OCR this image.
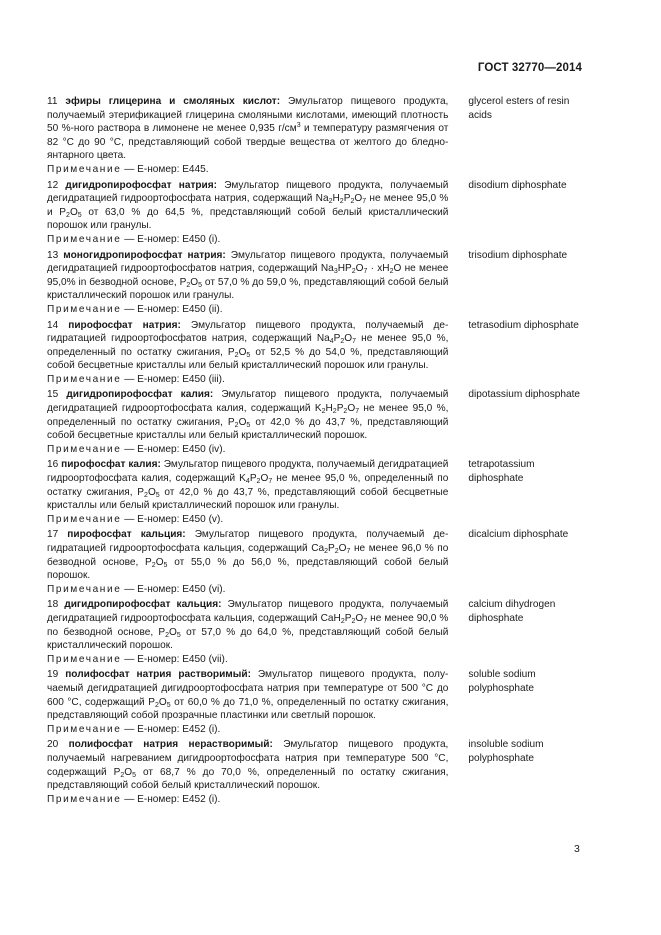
ГОСТ 32770—2014
11 эфиры глицерина и смоляных кислот: Эмульгатор пищевого продукта, получаемый этерификацией глицерина смоляными кислотами, имеющий плотность 50 %-ного раствора в лимонене не менее 0,935 $г/см^3$ и температуру размягчения от 82 °С до 90 °С, представляющий собой твердые вещества от желтого до бледно-янтарного цвета.
Примечание — Е-номер: Е445.
glycerol esters of resin acids
12 дигидропирофосфат натрия: Эмульгатор пищевого продукта, получаемый дегидратацией гидроортофосфата натрия, содержащий $Na_2H_2P_2O_7$ не менее 95,0 % и $P_2O_5$ от 63,0 % до 64,5 %, представляющий собой белый кристаллический порошок или гранулы.
Примечание — Е-номер: Е450 (i).
disodium diphosphate
13 моногидропирофосфат натрия: Эмульгатор пищевого продукта, получаемый дегидратацией гидроортофосфатов натрия, содержащий $Na_3HP_2O_7 \cdot xH_2O$ не менее 95,0% in безводной основе, $P_2O_5$ от 57,0 % до 59,0 %, представляющий собой белый кристаллический порошок или гранулы.
Примечание — Е-номер: Е450 (ii).
trisodium diphosphate
14 пирофосфат натрия: Эмульгатор пищевого продукта, получаемый дегидратацией гидроортофосфатов натрия, содержащий $Na_4P_2O_7$ не менее 95,0 %, определенный по остатку сжигания, $P_2O_5$ от 52,5 % до 54,0 %, представляющий собой бесцветные кристаллы или белый кристаллический порошок или гранулы.
Примечание — Е-номер: Е450 (iii).
tetrasodium diphosphate
15 дигидропирофосфат калия: Эмульгатор пищевого продукта, получаемый дегидратацией гидроортофосфата калия, содержащий $K_2H_2P_2O_7$ не менее 95,0 %, определенный по остатку сжигания, $P_2O_5$ от 42,0 % до 43,7 %, представляющий собой бесцветные кристаллы или белый кристаллический порошок.
Примечание — Е-номер: Е450 (iv).
dipotassium diphosphate
16 пирофосфат калия: Эмульгатор пищевого продукта, получаемый дегидратацией гидроортофосфата калия, содержащий $K_4P_2O_7$ не менее 95,0 %, определенный по остатку сжигания, $P_2O_5$ от 42,0 % до 43,7 %, представляющий собой бесцветные кристаллы или белый кристаллический порошок или гранулы.
Примечание — Е-номер: Е450 (v).
tetrapotassium diphosphate
17 пирофосфат кальция: Эмульгатор пищевого продукта, получаемый дегидратацией гидроортофосфата кальция, содержащий $Ca_2P_2O_7$ не менее 96,0 % по безводной основе, $P_2O_5$ от 55,0 % до 56,0 %, представляющий собой белый порошок.
Примечание — Е-номер: Е450 (vi).
dicalcium diphosphate
18 дигидропирофосфат кальция: Эмульгатор пищевого продукта, получаемый дегидратацией гидроортофосфата кальция, содержащий $CaH_2P_2O_7$ не менее 90,0 % по безводной основе, $P_2O_5$ от 57,0 % до 64,0 %, представляющий собой белый кристаллический порошок.
Примечание — Е-номер: Е450 (vii).
calcium dihydrogen diphosphate
19 полифосфат натрия растворимый: Эмульгатор пищевого продукта, получаемый дегидратацией дигидроортофосфата натрия при температуре от 500 °С до 600 °С, содержащий $P_2O_5$ от 60,0 % до 71,0 %, определенный по остатку сжигания, представляющий собой прозрачные пластинки или светлый порошок.
Примечание — Е-номер: Е452 (i).
soluble sodium polyphosphate
20 полифосфат натрия нерастворимый: Эмульгатор пищевого продукта, получаемый нагреванием дигидроортофосфата натрия при температуре 500 °С, содержащий $P_2O_5$ от 68,7 % до 70,0 %, определенный по остатку сжигания, представляющий собой белый кристаллический порошок.
Примечание — Е-номер: Е452 (i).
insoluble sodium polyphosphate
3
